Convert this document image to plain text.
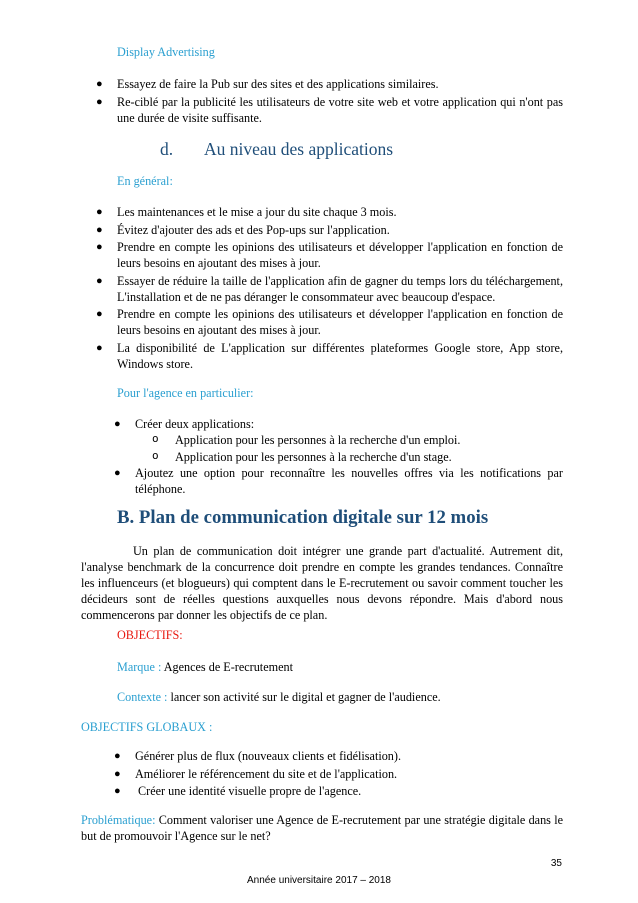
Display Advertising
● Essayez de faire la Pub sur des sites et des applications similaires.
● Re-ciblé par la publicité les utilisateurs de votre site web et votre application qui n'ont pas une durée de visite suffisante.
d. Au niveau des applications
En général:
● Les maintenances et le mise a jour du site chaque 3 mois.
● Évitez d'ajouter des ads et des Pop-ups sur l'application.
● Prendre en compte les opinions des utilisateurs et développer l'application en fonction de leurs besoins en ajoutant des mises à jour.
● Essayer de réduire la taille de l'application afin de gagner du temps lors du téléchargement, L'installation et de ne pas déranger le consommateur avec beaucoup d'espace.
● Prendre en compte les opinions des utilisateurs et développer l'application en fonction de leurs besoins en ajoutant des mises à jour.
● La disponibilité de L'application sur différentes plateformes Google store, App store, Windows store.
Pour l'agence en particulier:
● Créer deux applications:
o Application pour les personnes à la recherche d'un emploi.
o Application pour les personnes à la recherche d'un stage.
● Ajoutez une option pour reconnaître les nouvelles offres via les notifications par téléphone.
B. Plan de communication digitale sur 12 mois
Un plan de communication doit intégrer une grande part d'actualité. Autrement dit, l'analyse benchmark de la concurrence doit prendre en compte les grandes tendances. Connaître les influenceurs (et blogueurs) qui comptent dans le E-recrutement ou savoir comment toucher les décideurs sont de réelles questions auxquelles nous devons répondre. Mais d'abord nous commencerons par donner les objectifs de ce plan.
OBJECTIFS:
Marque : Agences de E-recrutement
Contexte : lancer son activité sur le digital et gagner de l'audience.
OBJECTIFS GLOBAUX :
● Générer plus de flux (nouveaux clients et fidélisation).
● Améliorer le référencement du site et de l'application.
● Créer une identité visuelle propre de l'agence.
Problématique: Comment valoriser une Agence de E-recrutement par une stratégie digitale dans le but de promouvoir l'Agence sur le net?
35
Année universitaire 2017 – 2018
